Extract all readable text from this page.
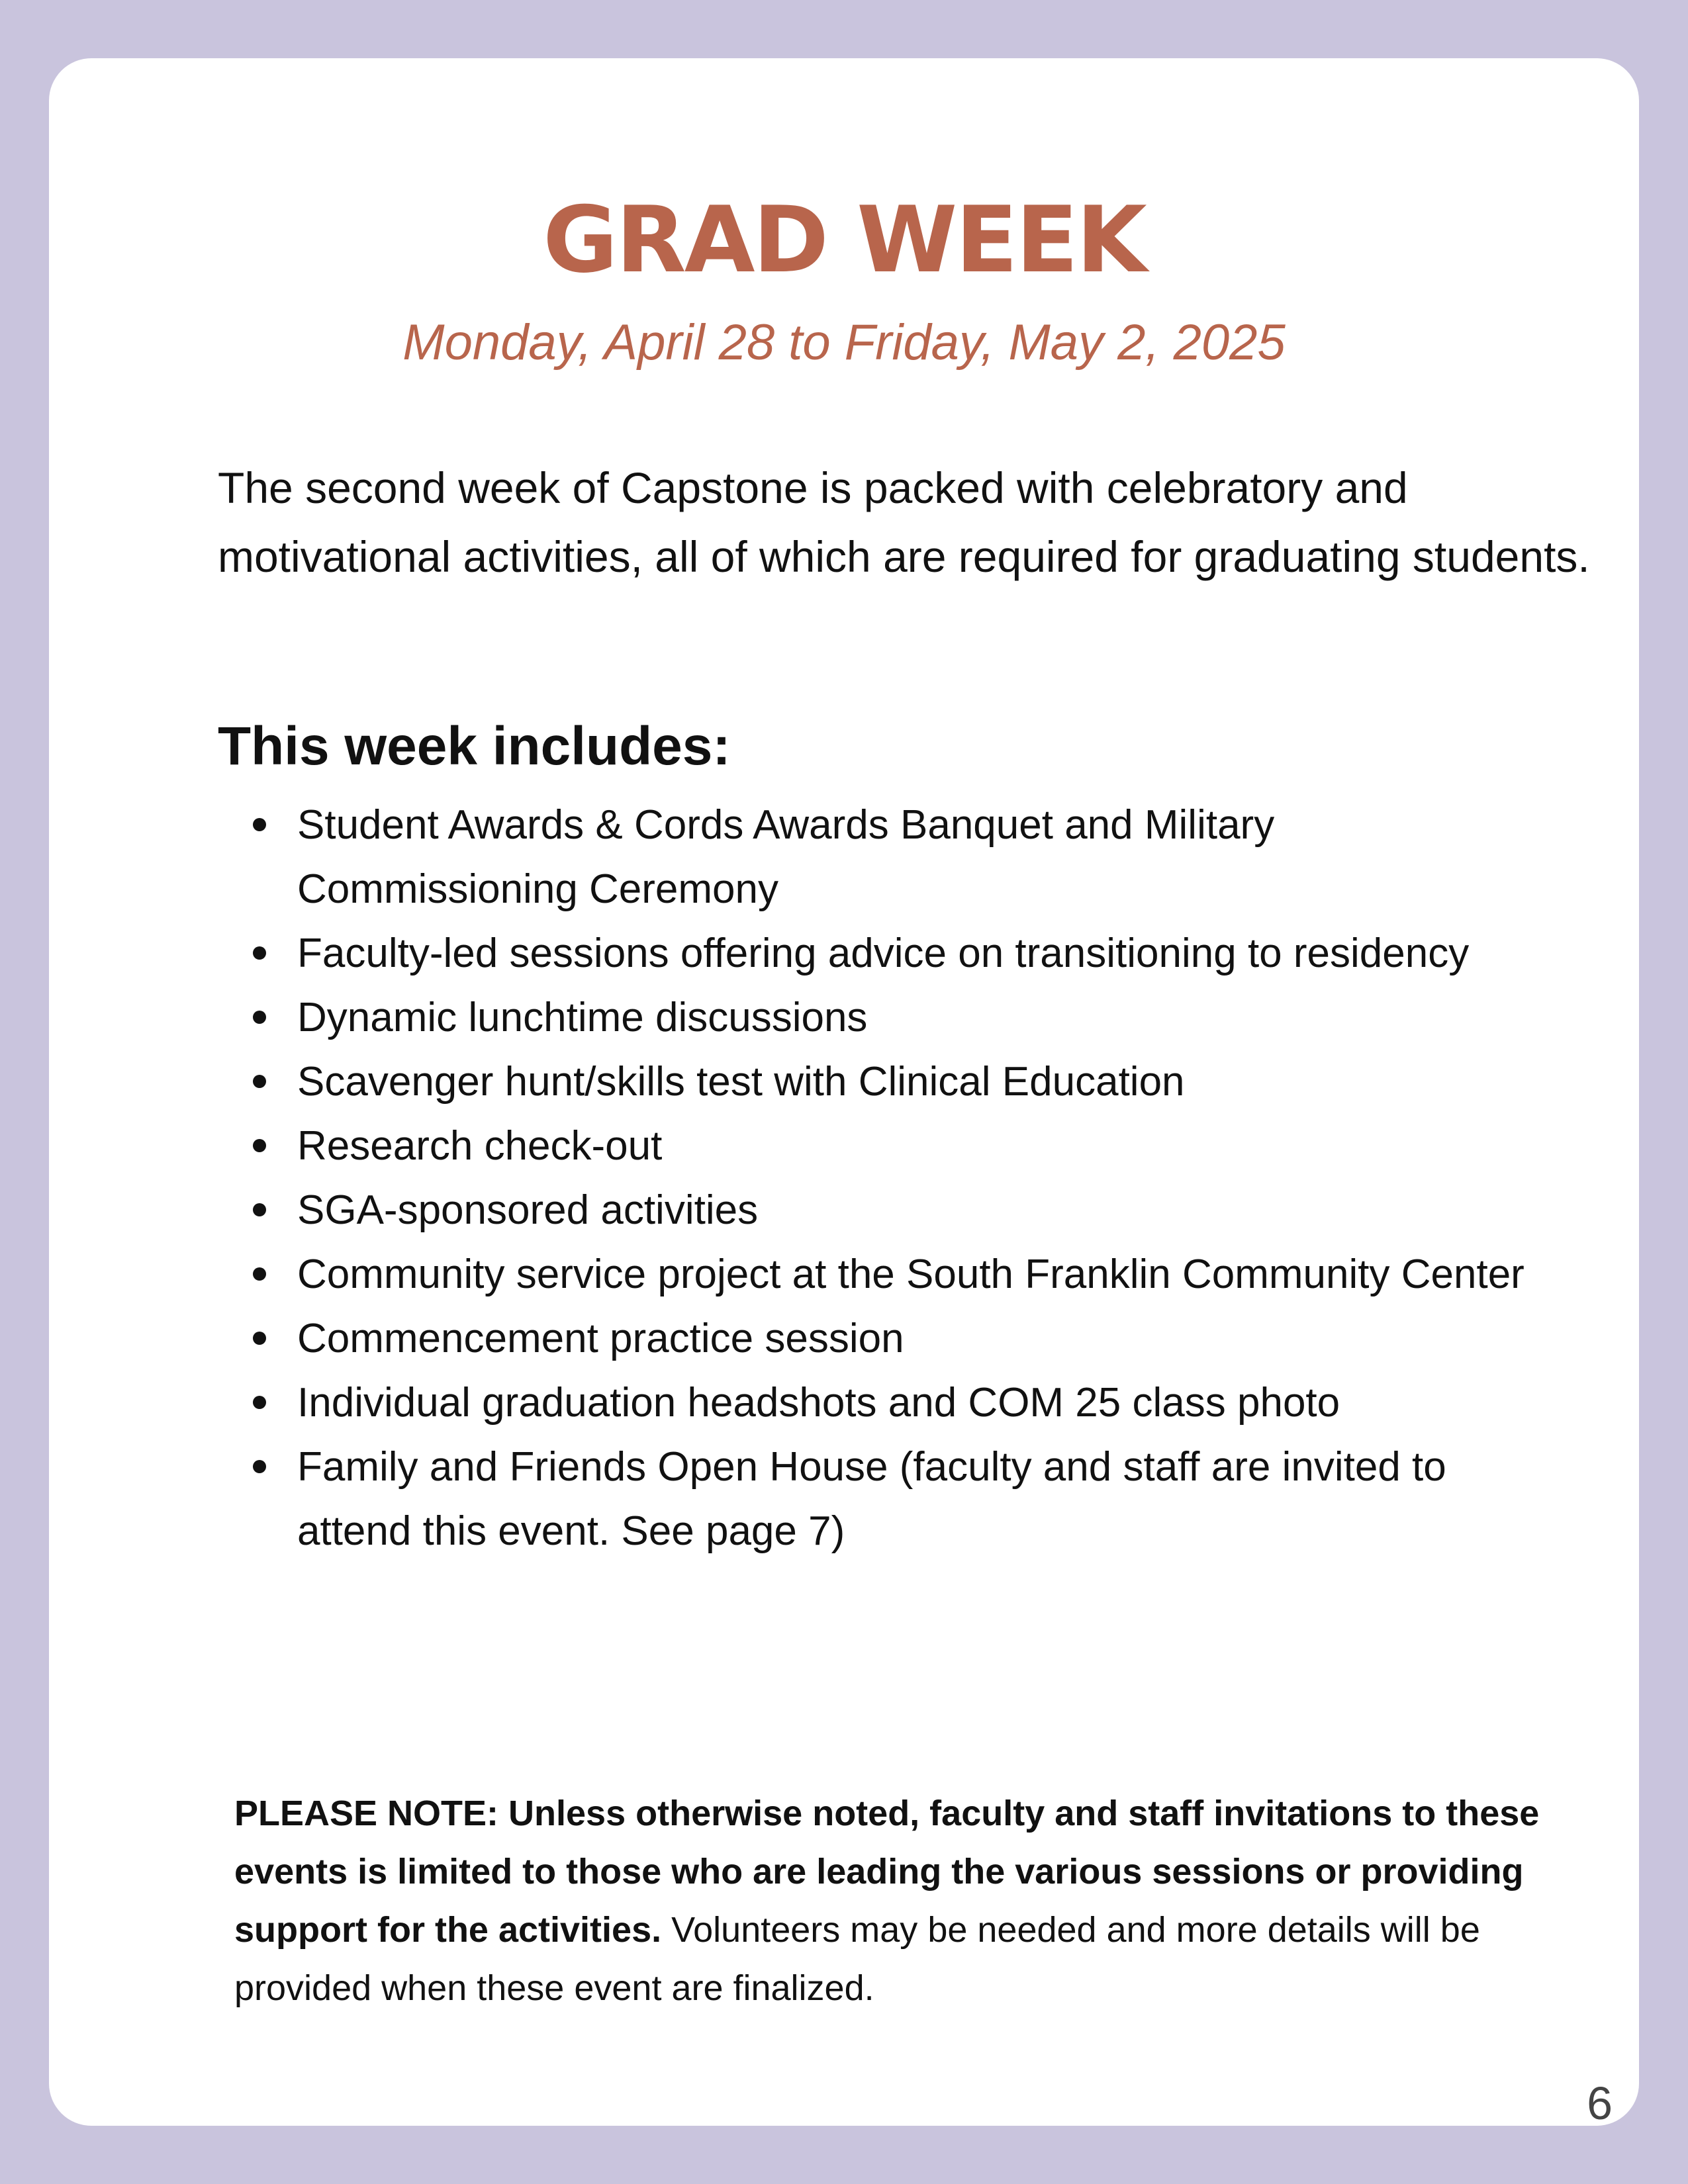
GRAD WEEK
Monday, April 28 to Friday, May 2, 2025

The second week of Capstone is packed with celebratory and motivational activities, all of which are required for graduating students.

This week includes:
Student Awards & Cords Awards Banquet and Military Commissioning Ceremony
Faculty-led sessions offering advice on transitioning to residency
Dynamic lunchtime discussions
Scavenger hunt/skills test with Clinical Education
Research check-out
SGA-sponsored activities
Community service project at the South Franklin Community Center
Commencement practice session
Individual graduation headshots and COM 25 class photo
Family and Friends Open House (faculty and staff are invited to attend this event. See page 7)

PLEASE NOTE: Unless otherwise noted, faculty and staff invitations to these events is limited to those who are leading the various sessions or providing support for the activities. Volunteers may be needed and more details will be provided when these event are finalized.

6
